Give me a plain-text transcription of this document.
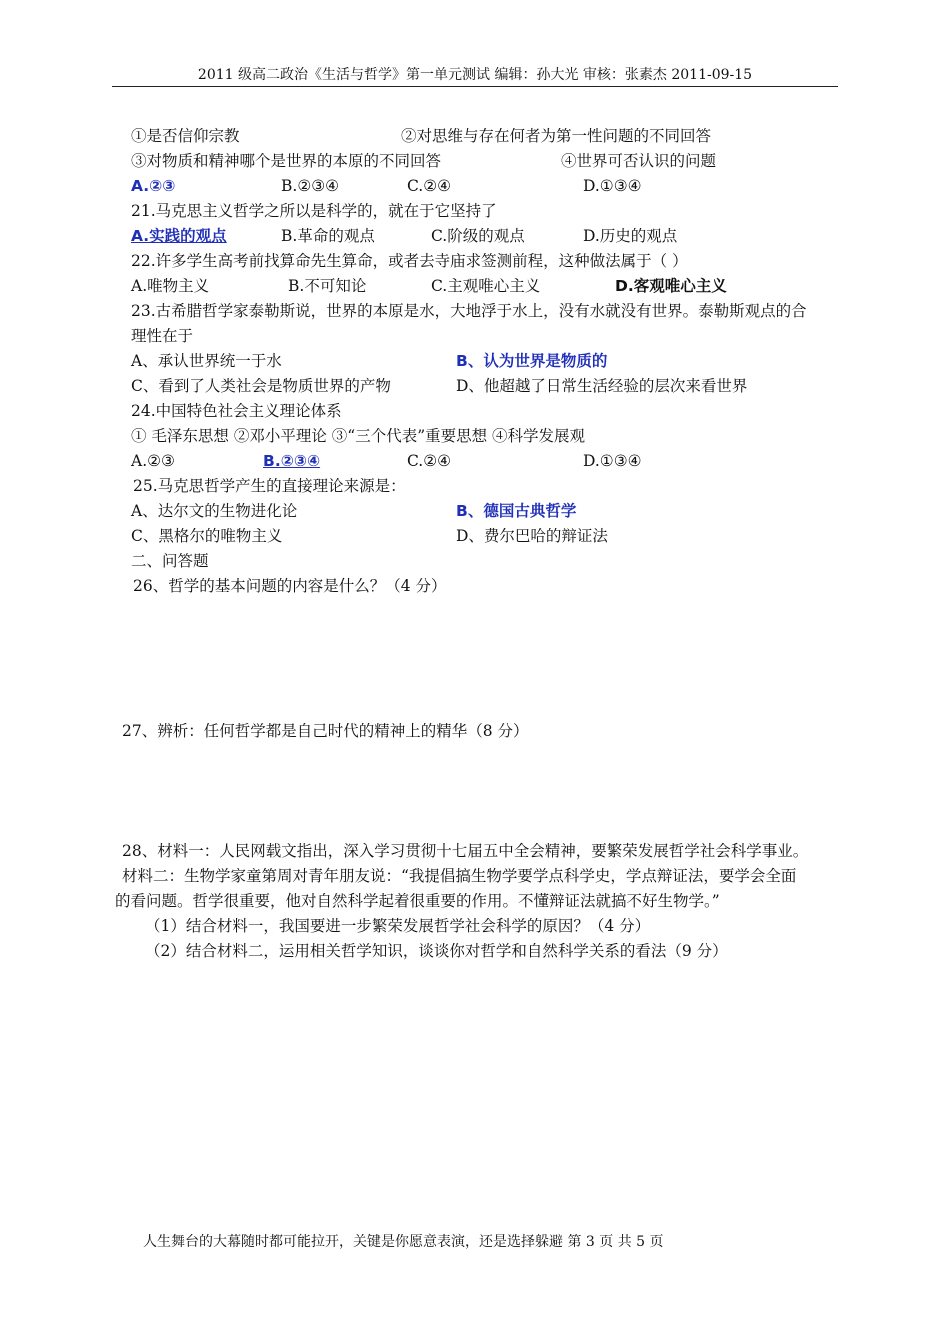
2011 级高二政治《生活与哲学》第一单元测试 编辑：孙大光 审核：张素杰 2011-09-15
①是否信仰宗教	②对思维与存在何者为第一性问题的不同回答
③对物质和精神哪个是世界的本原的不同回答	④世界可否认识的问题
A.②③	B.②③④	C.②④	D.①③④
21.马克思主义哲学之所以是科学的，就在于它坚持了
A.实践的观点	B.革命的观点	C.阶级的观点	D.历史的观点
22.许多学生高考前找算命先生算命，或者去寺庙求签测前程，这种做法属于（ ）
A.唯物主义	B.不可知论	C.主观唯心主义	D.客观唯心主义
23.古希腊哲学家泰勒斯说，世界的本原是水，大地浮于水上，没有水就没有世界。泰勒斯观点的合
理性在于
A、承认世界统一于水	B、认为世界是物质的
C、看到了人类社会是物质世界的产物	D、他超越了日常生活经验的层次来看世界
24.中国特色社会主义理论体系
① 毛泽东思想 ②邓小平理论 ③“三个代表”重要思想 ④科学发展观
A.②③	B.②③④	C.②④	D.①③④
25.马克思哲学产生的直接理论来源是：
A、达尔文的生物进化论	B、德国古典哲学
C、黑格尔的唯物主义	D、费尔巴哈的辩证法
二、问答题
26、哲学的基本问题的内容是什么？（4 分）
27、辨析：任何哲学都是自己时代的精神上的精华（8 分）
28、材料一：人民网载文指出，深入学习贯彻十七届五中全会精神，要繁荣发展哲学社会科学事业。
材料二：生物学家童第周对青年朋友说：“我提倡搞生物学要学点科学史，学点辩证法，要学会全面
的看问题。哲学很重要，他对自然科学起着很重要的作用。不懂辩证法就搞不好生物学。”
（1）结合材料一，我国要进一步繁荣发展哲学社会科学的原因？（4 分）
（2）结合材料二，运用相关哲学知识，谈谈你对哲学和自然科学关系的看法（9 分）
人生舞台的大幕随时都可能拉开，关键是你愿意表演，还是选择躲避 第 3 页 共 5 页
